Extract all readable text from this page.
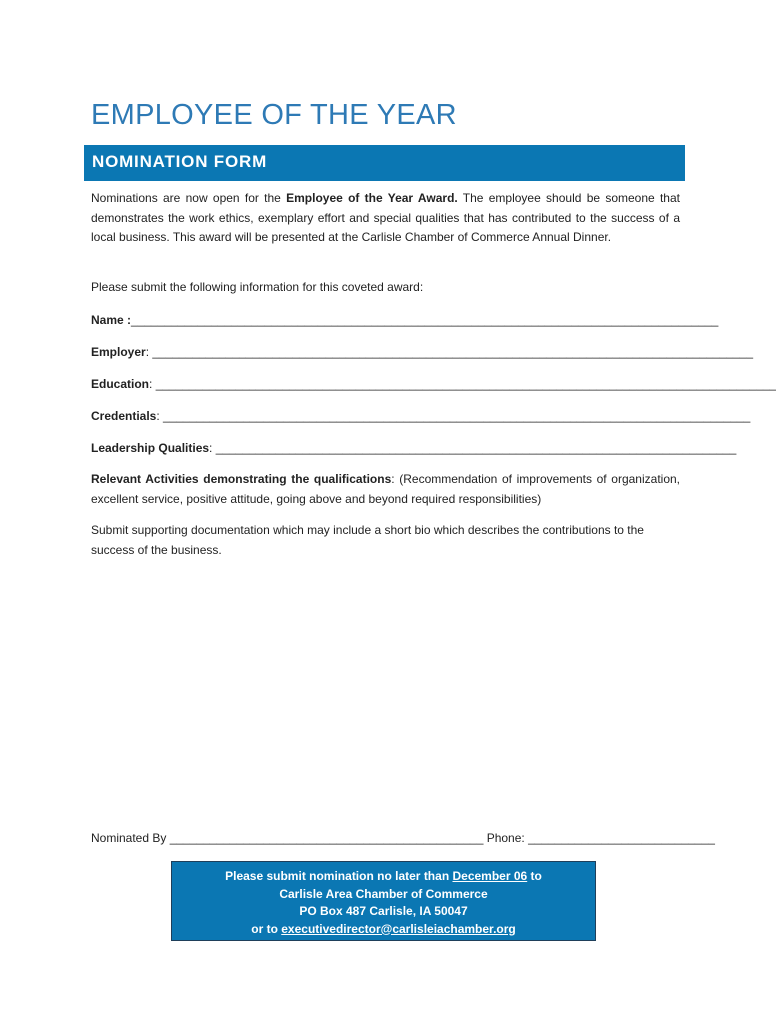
EMPLOYEE OF THE YEAR
NOMINATION FORM
Nominations are now open for the Employee of the Year Award. The employee should be someone that demonstrates the work ethics, exemplary effort and special qualities that has contributed to the success of a local business. This award will be presented at the Carlisle Chamber of Commerce Annual Dinner.
Please submit the following information for this coveted award:
Name :________________________________________________________________________________________
Employer: __________________________________________________________________________________________
Education: _____________________________________________________________________________________________
Credentials: ________________________________________________________________________________________
Leadership Qualities: ______________________________________________________________________________
Relevant Activities demonstrating the qualifications: (Recommendation of improvements of organization, excellent service, positive attitude, going above and beyond required responsibilities)
Submit supporting documentation which may include a short bio which describes the contributions to the success of the business.
Nominated By _______________________________________________ Phone: ____________________________
Please submit nomination no later than December 06 to
Carlisle Area Chamber of Commerce
PO Box 487 Carlisle, IA 50047
or to executivedirector@carlisleiachamber.org
